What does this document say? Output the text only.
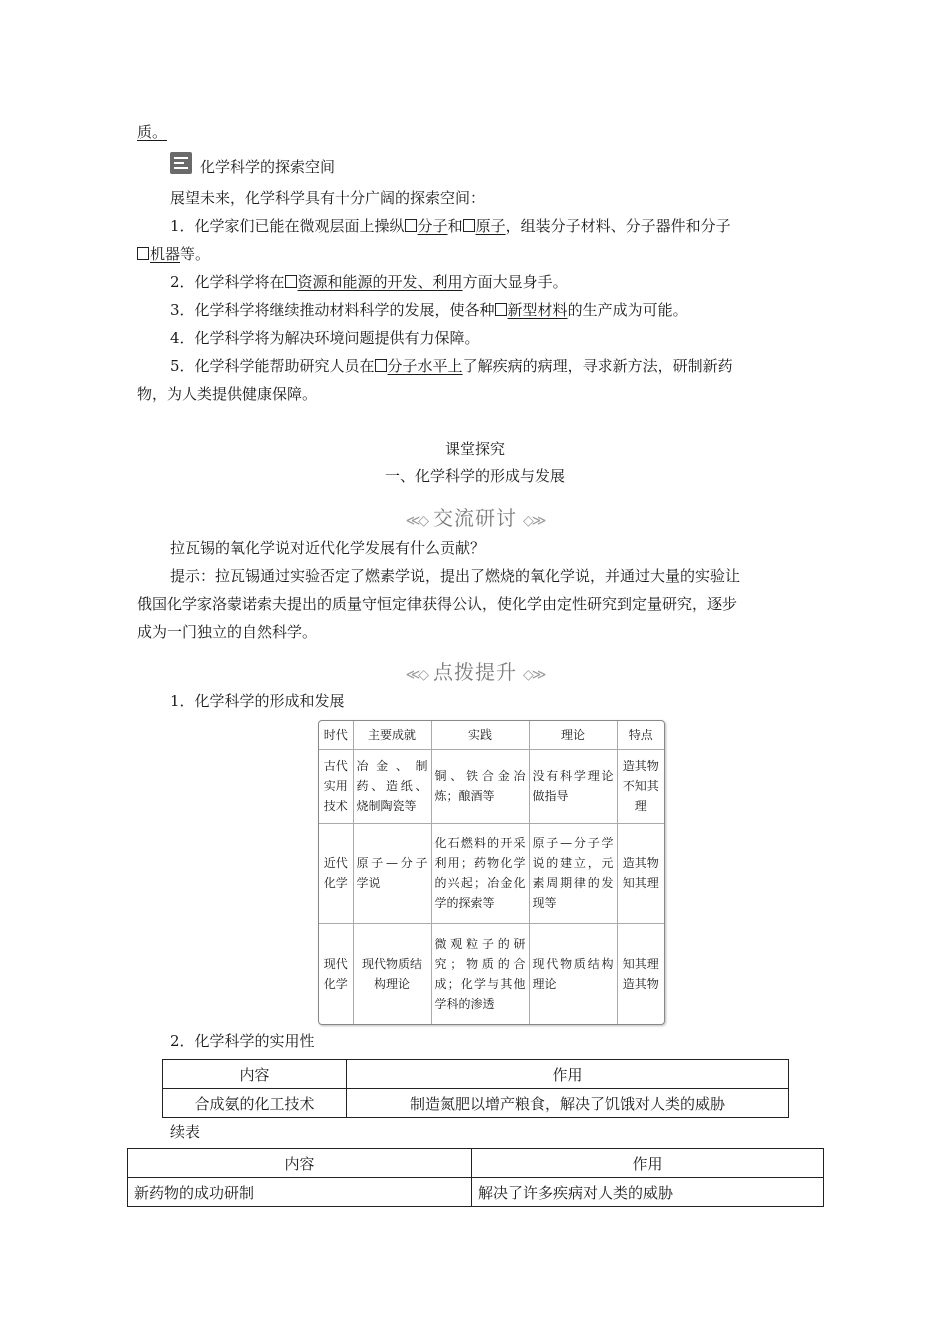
质。
化学科学的探索空间
展望未来，化学科学具有十分广阔的探索空间：
1．化学家们已能在微观层面上操纵 分子和 原子，组装分子材料、分子器件和分子
机器等。
2．化学科学将在 资源和能源的开发、利用方面大显身手。
3．化学科学将继续推动材料科学的发展，使各种 新型材料的生产成为可能。
4．化学科学将为解决环境问题提供有力保障。
5．化学科学能帮助研究人员在 分子水平上了解疾病的病理，寻求新方法，研制新药
物，为人类提供健康保障。
课堂探究
一、化学科学的形成与发展
≪◇ 交流研讨 ◇≫
拉瓦锡的氧化学说对近代化学发展有什么贡献？
提示：拉瓦锡通过实验否定了燃素学说，提出了燃烧的氧化学说，并通过大量的实验让
俄国化学家洛蒙诺索夫提出的质量守恒定律获得公认，使化学由定性研究到定量研究，逐步
成为一门独立的自然科学。
≪◇ 点拨提升 ◇≫
1．化学科学的形成和发展
时代	主要成就	实践	理论	特点
古代实用技术	冶金、制药、造纸、烧制陶瓷等	铜、铁合金冶炼；酿酒等	没有科学理论做指导	造其物不知其理
近代化学	原子—分子学说	化石燃料的开采利用；药物化学的兴起；冶金化学的探索等	原子—分子学说的建立，元素周期律的发现等	造其物知其理
现代化学	现代物质结构理论	微观粒子的研究；物质的合成；化学与其他学科的渗透	现代物质结构理论	知其理造其物
2．化学科学的实用性
内容	作用
合成氨的化工技术	制造氮肥以增产粮食，解决了饥饿对人类的威胁
续表
内容	作用
新药物的成功研制	解决了许多疾病对人类的威胁
